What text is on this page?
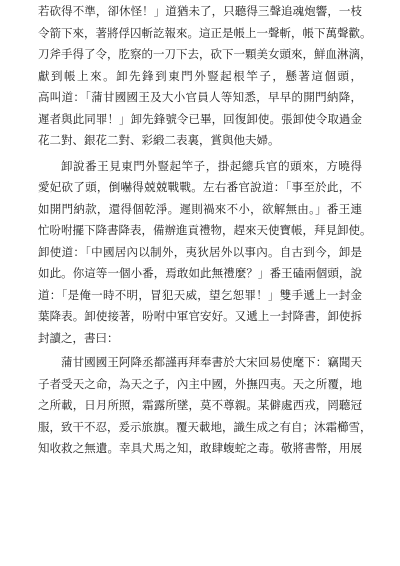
若砍得不準，卻休怪！」道猶未了，只聽得三聲追魂炮響，一枝
令箭下來，著將俘囚斬訖報來。這正是帳上一聲斬，帳下萬聲歡。
刀斧手得了令，肐察的一刀下去，砍下一顆美女頭來，鮮血淋漓，
獻到帳上來。卸先鋒到東門外豎起根竿子，懸著這個頭，
高叫道：「蒲甘國國王及大小官員人等知悉，早早的開門納降，
遲者與此同罪！」卸先鋒號令已畢，回復卸使。張卸使令取過金
花二對、銀花二對、彩緞二表裏，賞與他夫婦。
卸說番王見東門外豎起竿子，掛起總兵官的頭來，方曉得
愛妃砍了頭，倒嚇得兢兢戰戰。左右番官說道：「事至於此，不
如開門納款，還得個乾淨。遲則禍來不小，欲解無由。」番王連
忙吩咐擺下降書降表，備辦進貢禮物，趕來天使寶帳，拜見卸使。
卸使道：「中國居內以制外，夷狄居外以事內。自古到今，卸是
如此。你這等一個小番，焉敢如此無禮麼？」番王磕兩個頭，說
道：「是俺一時不明，冒犯天威，望乞恕罪！」雙手遞上一封金
葉降表。卸使接著，吩咐中軍官安好。又遞上一封降書，卸使拆
封讀之，書曰：
蒲甘國國王阿降丞都謹再拜奉書於大宋回易使麾下：竊聞天
子者受天之命，為天之子，內主中國，外撫四夷。天之所覆，地
之所載，日月所照，霜露所墜，莫不尊親。某僻處西戎，罔聽冠
服，致干不忍，爰示旅旗。覆天載地，識生成之有自；沐霜櫛雪，
知收救之無遺。幸具犬馬之知，敢肆蝮蛇之毒。敬將書幣，用展
